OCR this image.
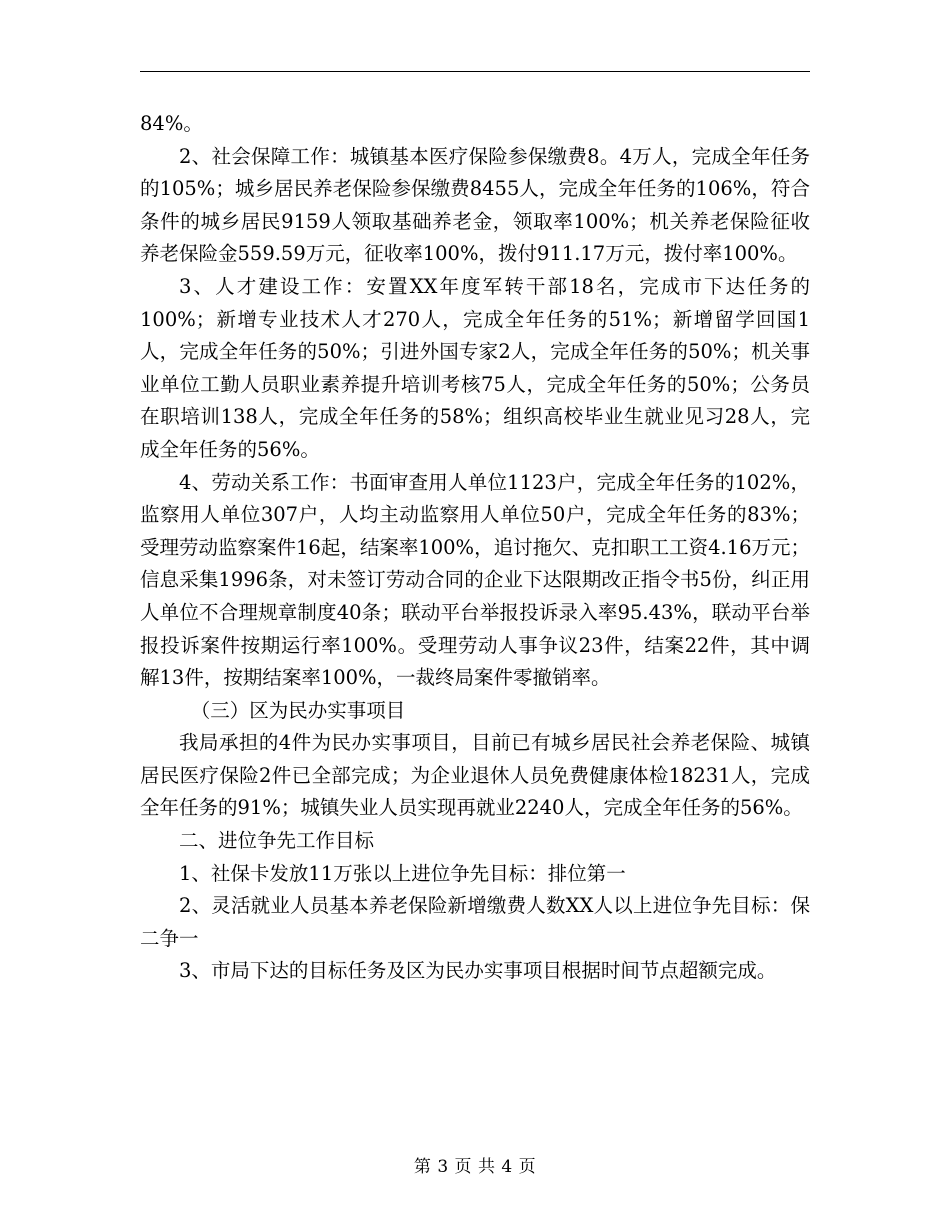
84%。

2、社会保障工作：城镇基本医疗保险参保缴费8。4万人，完成全年任务的105%；城乡居民养老保险参保缴费8455人，完成全年任务的106%，符合条件的城乡居民9159人领取基础养老金，领取率100%；机关养老保险征收养老保险金559.59万元，征收率100%，拨付911.17万元，拨付率100%。

3、人才建设工作：安置XX年度军转干部18名，完成市下达任务的100%；新增专业技术人才270人，完成全年任务的51%；新增留学回国1人，完成全年任务的50%；引进外国专家2人，完成全年任务的50%；机关事业单位工勤人员职业素养提升培训考核75人，完成全年任务的50%；公务员在职培训138人，完成全年任务的58%；组织高校毕业生就业见习28人，完成全年任务的56%。

4、劳动关系工作：书面审查用人单位1123户，完成全年任务的102%，监察用人单位307户，人均主动监察用人单位50户，完成全年任务的83%；受理劳动监察案件16起，结案率100%，追讨拖欠、克扣职工工资4.16万元；信息采集1996条，对未签订劳动合同的企业下达限期改正指令书5份，纠正用人单位不合理规章制度40条；联动平台举报投诉录入率95.43%，联动平台举报投诉案件按期运行率100%。受理劳动人事争议23件，结案22件，其中调解13件，按期结案率100%，一裁终局案件零撤销率。

（三）区为民办实事项目

我局承担的4件为民办实事项目，目前已有城乡居民社会养老保险、城镇居民医疗保险2件已全部完成；为企业退休人员免费健康体检18231人，完成全年任务的91%；城镇失业人员实现再就业2240人，完成全年任务的56%。

二、进位争先工作目标

1、社保卡发放11万张以上进位争先目标：排位第一

2、灵活就业人员基本养老保险新增缴费人数XX人以上进位争先目标：保二争一

3、市局下达的目标任务及区为民办实事项目根据时间节点超额完成。

第 3 页 共 4 页
